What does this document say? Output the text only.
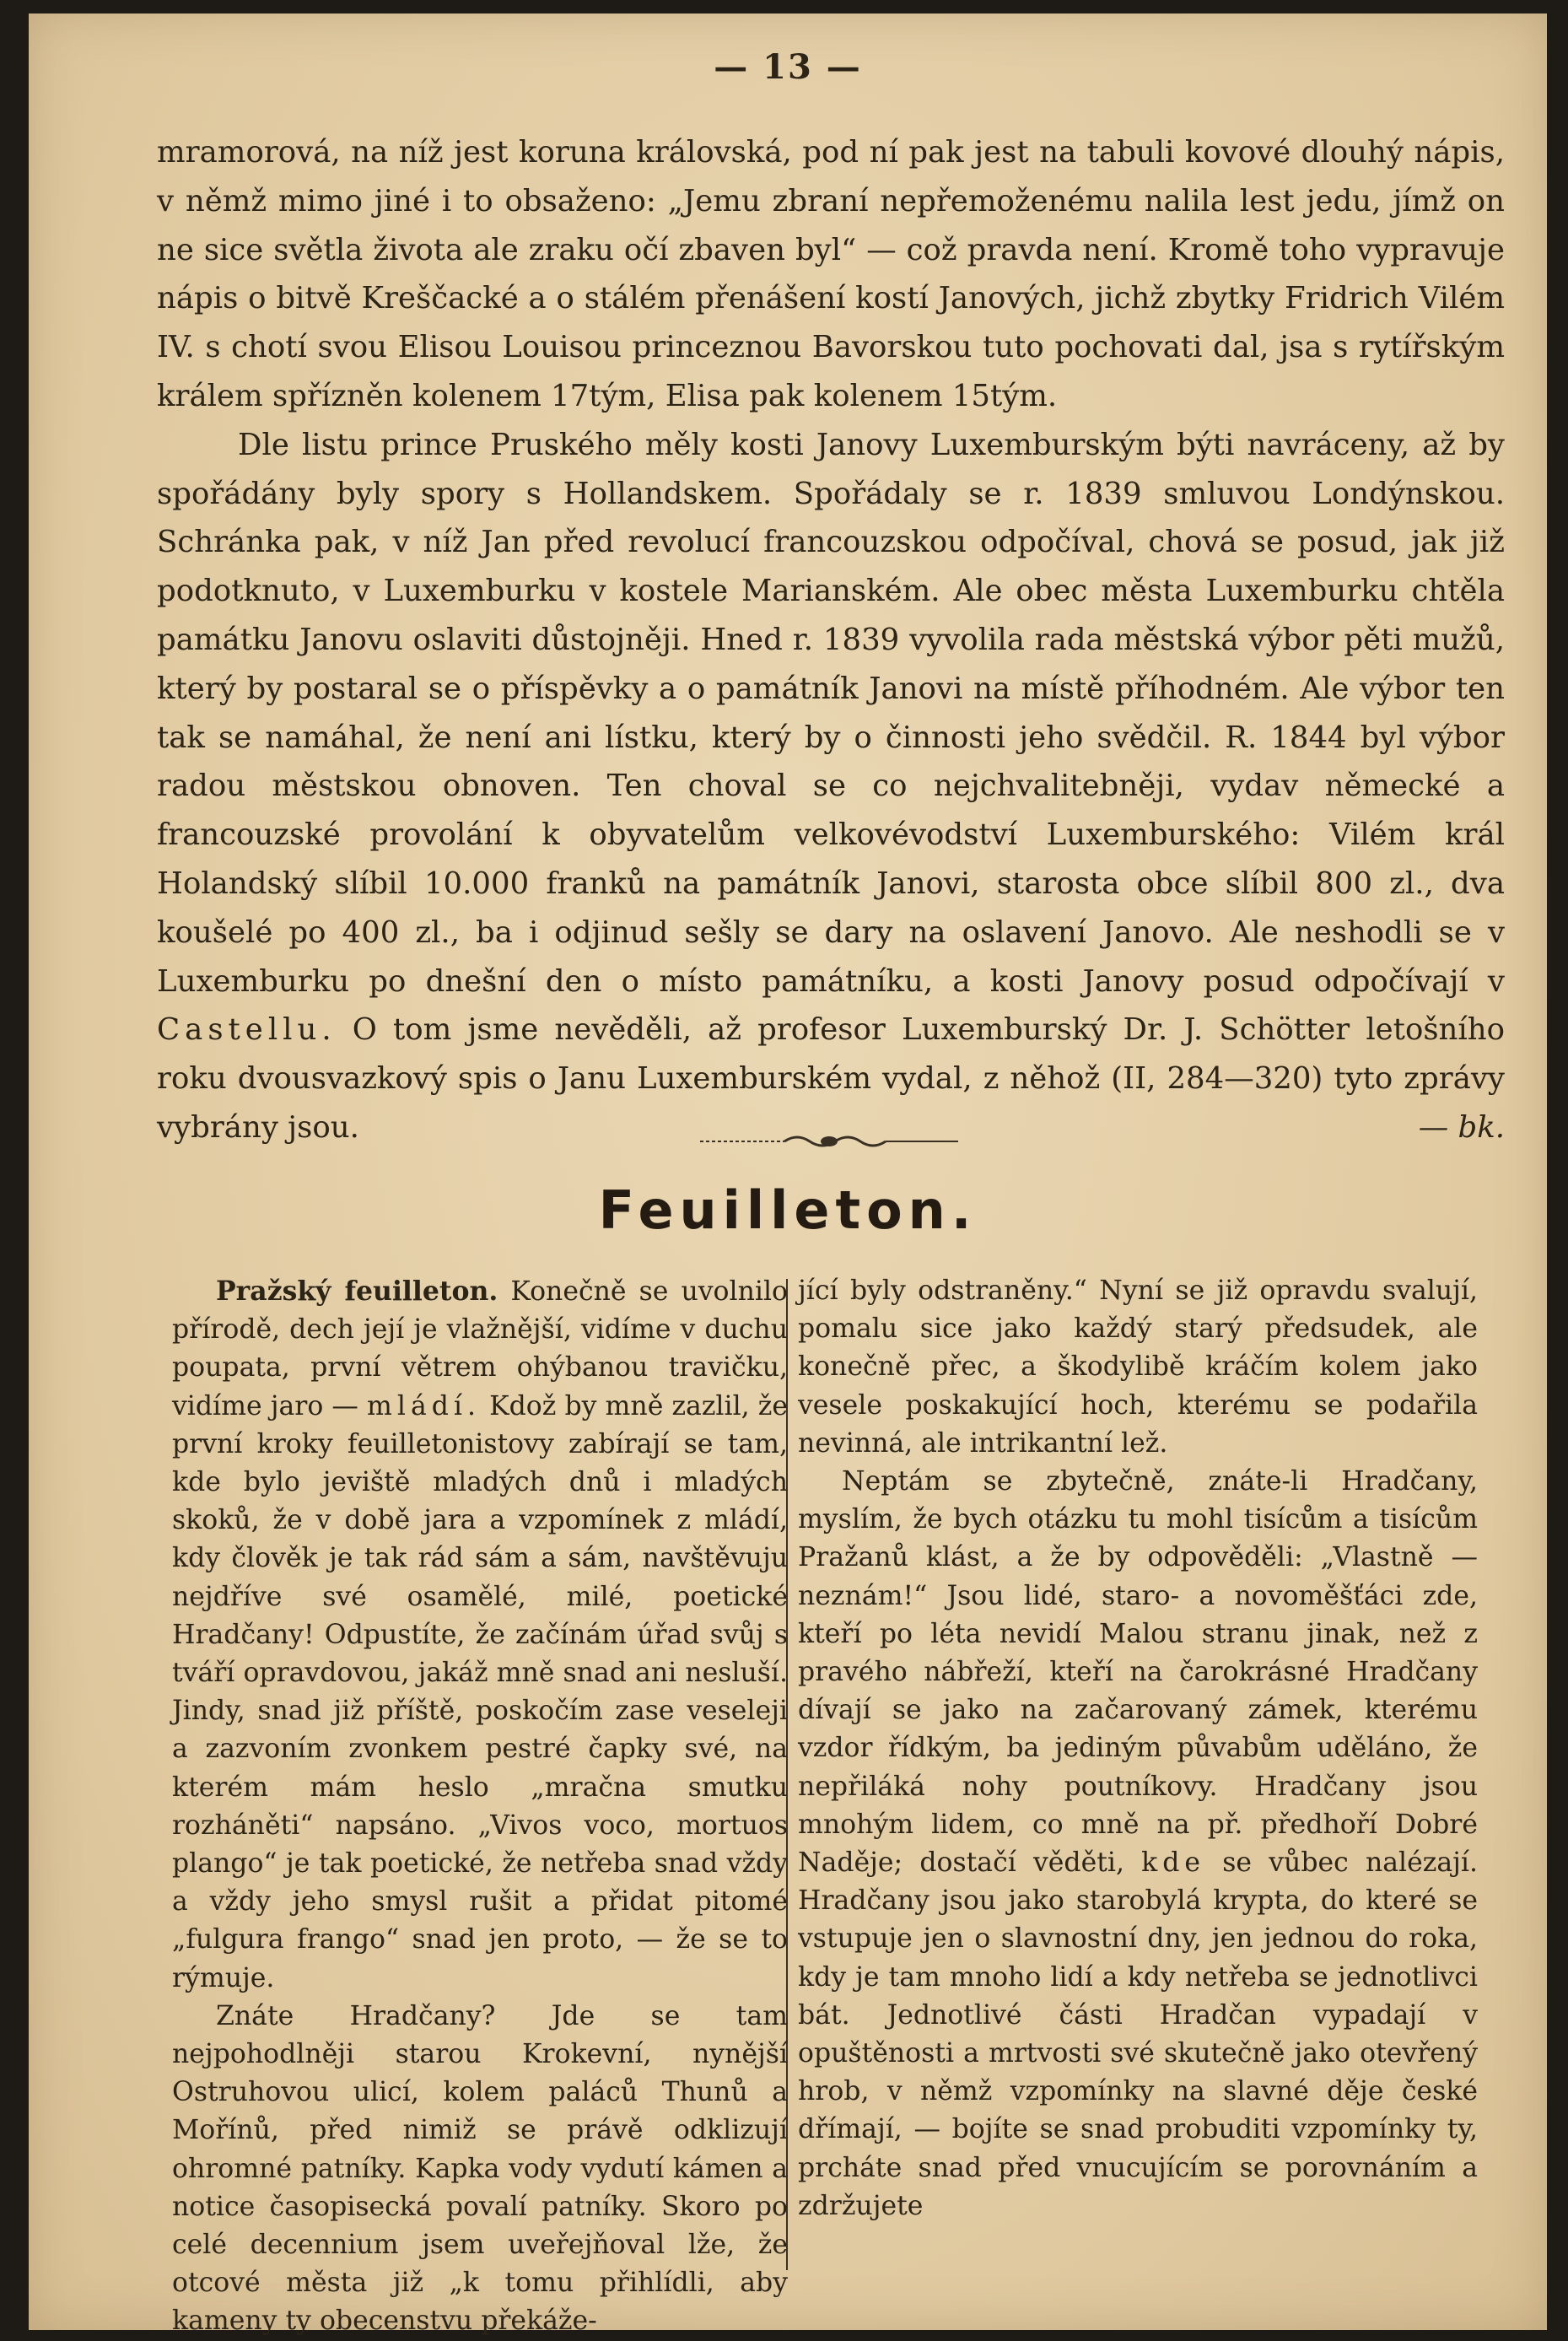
— 13 —

mramorová, na níž jest koruna královská, pod ní pak jest na tabuli kovové dlouhý nápis, v němž mimo jiné i to obsaženo: „Jemu zbraní nepřemoženému nalila lest jedu, jímž on ne sice světla života ale zraku očí zbaven byl“ — což pravda není. Kromě toho vypravuje nápis o bitvě Kreščacké a o stálém přenášení kostí Janových, jichž zbytky Fridrich Vilém IV. s chotí svou Elisou Louisou princeznou Bavorskou tuto pochovati dal, jsa s rytířským králem spřízněn kolenem 17tým, Elisa pak kolenem 15tým.

Dle listu prince Pruského měly kosti Janovy Luxemburským býti navráceny, až by spořádány byly spory s Hollandskem. Spořádaly se r. 1839 smluvou Londýnskou. Schránka pak, v níž Jan před revolucí francouzskou odpočíval, chová se posud, jak již podotknuto, v Luxemburku v kostele Marianském. Ale obec města Luxemburku chtěla památku Janovu oslaviti důstojněji. Hned r. 1839 vyvolila rada městská výbor pěti mužů, který by postaral se o příspěvky a o památník Janovi na místě příhodném. Ale výbor ten tak se namáhal, že není ani lístku, který by o činnosti jeho svědčil. R. 1844 byl výbor radou městskou obnoven. Ten choval se co nejchvalitebněji, vydav německé a francouzské provolání k obyvatelům velkovévodství Luxemburského: Vilém král Holandský slíbil 10.000 franků na památník Janovi, starosta obce slíbil 800 zl., dva koušelé po 400 zl., ba i odjinud sešly se dary na oslavení Janovo. Ale neshodli se v Luxemburku po dnešní den o místo památníku, a kosti Janovy posud odpočívají v Castellu. O tom jsme nevěděli, až profesor Luxemburský Dr. J. Schötter letošního roku dvousvazkový spis o Janu Luxemburském vydal, z něhož (II, 284—320) tyto zprávy vybrány jsou.	— bk.

Feuilleton.

Pražský feuilleton. Konečně se uvolnilo přírodě, dech její je vlažnější, vidíme v duchu poupata, první větrem ohýbanou travičku, vidíme jaro — mládí. Kdož by mně zazlil, že první kroky feuilletonistovy zabírají se tam, kde bylo jeviště mladých dnů i mladých skoků, že v době jara a vzpomínek z mládí, kdy člověk je tak rád sám a sám, navštěvuju nejdříve své osamělé, milé, poetické Hradčany! Odpustíte, že začínám úřad svůj s tváří opravdovou, jakáž mně snad ani nesluší. Jindy, snad již příště, poskočím zase veseleji a zazvoním zvonkem pestré čapky své, na kterém mám heslo „mračna smutku rozháněti“ napsáno. „Vivos voco, mortuos plango“ je tak poetické, že netřeba snad vždy a vždy jeho smysl rušit a přidat pitomé „fulgura frango“ snad jen proto, — že se to rýmuje.

Znáte Hradčany? Jde se tam nejpohodlněji starou Krokevní, nynější Ostruhovou ulicí, kolem paláců Thunů a Mořínů, před nimiž se právě odklizují ohromné patníky. Kapka vody vydutí kámen a notice časopisecká povalí patníky. Skoro po celé decennium jsem uveřejňoval lže, že otcové města již „k tomu přihlídli, aby kameny ty obecenstvu překáže-

jící byly odstraněny.“ Nyní se již opravdu svalují, pomalu sice jako každý starý předsudek, ale konečně přec, a škodylibě kráčím kolem jako vesele poskakující hoch, kterému se podařila nevinná, ale intrikantní lež.

Neptám se zbytečně, znáte-li Hradčany, myslím, že bych otázku tu mohl tisícům a tisícům Pražanů klást, a že by odpověděli: „Vlastně — neznám!“ Jsou lidé, staro- a novoměšťáci zde, kteří po léta nevidí Malou stranu jinak, než z pravého nábřeží, kteří na čarokrásné Hradčany dívají se jako na začarovaný zámek, kterému vzdor řídkým, ba jediným půvabům uděláno, že nepřiláká nohy poutníkovy. Hradčany jsou mnohým lidem, co mně na př. předhoří Dobré Naděje; dostačí věděti, kde se vůbec nalézají. Hradčany jsou jako starobylá krypta, do které se vstupuje jen o slavnostní dny, jen jednou do roka, kdy je tam mnoho lidí a kdy netřeba se jednotlivci bát. Jednotlivé části Hradčan vypadají v opuštěnosti a mrtvosti své skutečně jako otevřený hrob, v němž vzpomínky na slavné děje české dřímají, — bojíte se snad probuditi vzpomínky ty, prcháte snad před vnucujícím se porovnáním a zdržujete
